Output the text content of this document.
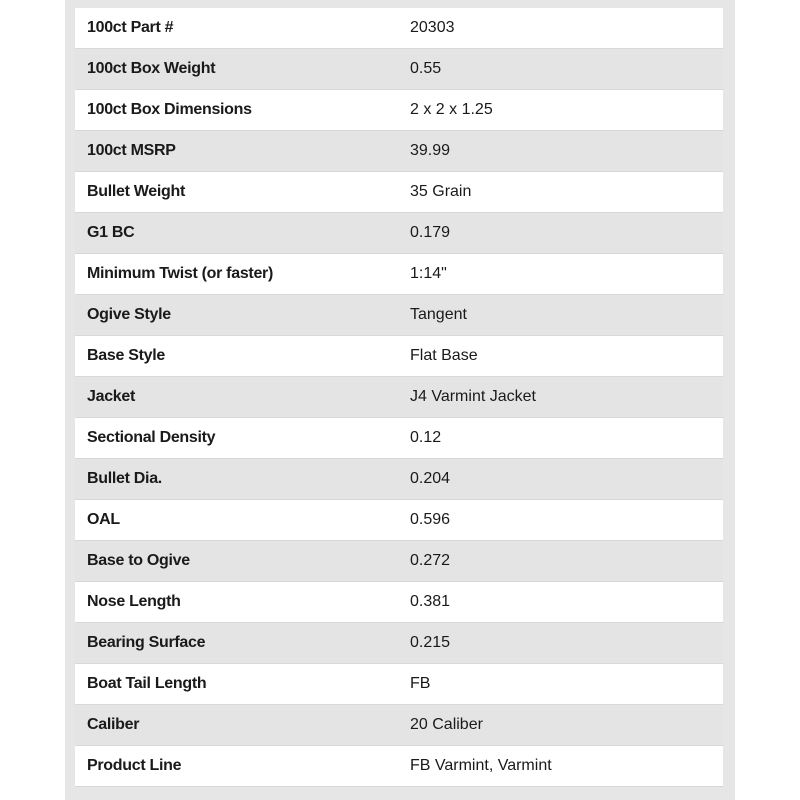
100ct Part #	20303
100ct Box Weight	0.55
100ct Box Dimensions	2 x 2 x 1.25
100ct MSRP	39.99
Bullet Weight	35 Grain
G1 BC	0.179
Minimum Twist (or faster)	1:14"
Ogive Style	Tangent
Base Style	Flat Base
Jacket	J4 Varmint Jacket
Sectional Density	0.12
Bullet Dia.	0.204
OAL	0.596
Base to Ogive	0.272
Nose Length	0.381
Bearing Surface	0.215
Boat Tail Length	FB
Caliber	20 Caliber
Product Line	FB Varmint, Varmint
